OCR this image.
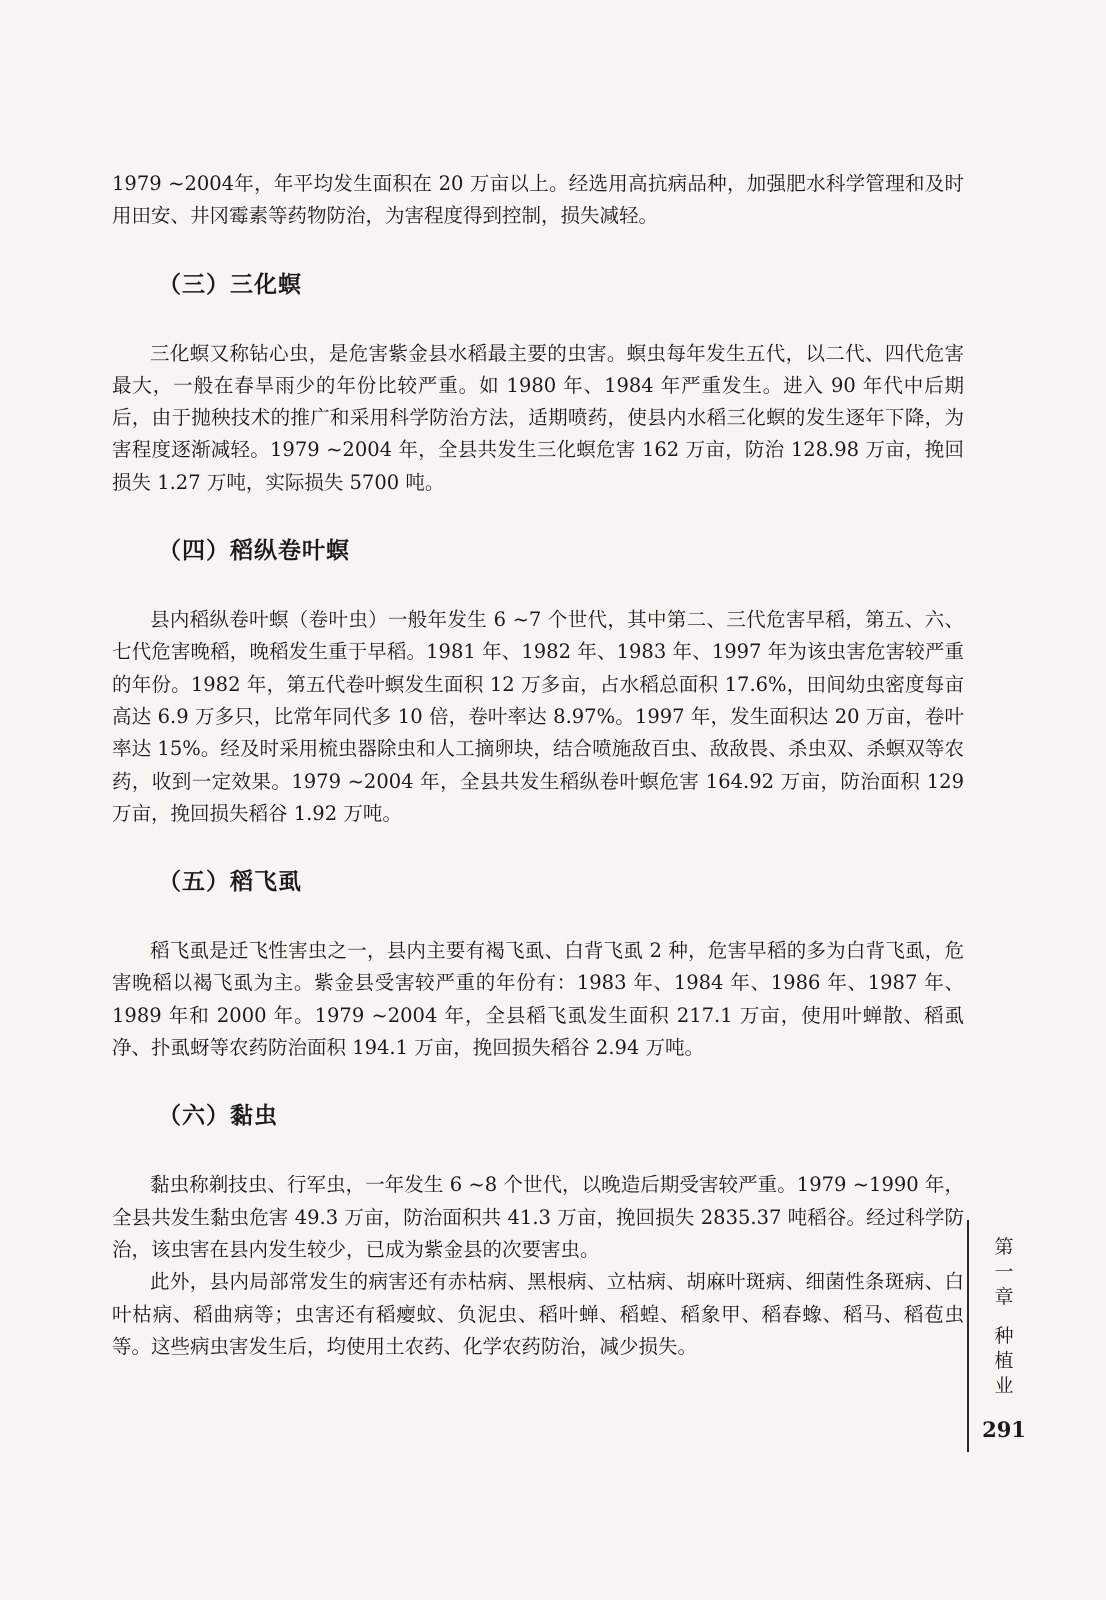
1979 ~2004年，年平均发生面积在 20 万亩以上。经选用高抗病品种，加强肥水科学管理和及时用田安、井冈霉素等药物防治，为害程度得到控制，损失减轻。

（三）三化螟

三化螟又称钻心虫，是危害紫金县水稻最主要的虫害。螟虫每年发生五代，以二代、四代危害最大，一般在春旱雨少的年份比较严重。如 1980 年、1984 年严重发生。进入 90 年代中后期后，由于抛秧技术的推广和采用科学防治方法，适期喷药，使县内水稻三化螟的发生逐年下降，为害程度逐渐减轻。1979 ~2004 年，全县共发生三化螟危害 162 万亩，防治 128.98 万亩，挽回损失 1.27 万吨，实际损失 5700 吨。

（四）稻纵卷叶螟

县内稻纵卷叶螟（卷叶虫）一般年发生 6 ~7 个世代，其中第二、三代危害早稻，第五、六、七代危害晚稻，晚稻发生重于早稻。1981 年、1982 年、1983 年、1997 年为该虫害危害较严重的年份。1982 年，第五代卷叶螟发生面积 12 万多亩，占水稻总面积 17.6%，田间幼虫密度每亩高达 6.9 万多只，比常年同代多 10 倍，卷叶率达 8.97%。1997 年，发生面积达 20 万亩，卷叶率达 15%。经及时采用梳虫器除虫和人工摘卵块，结合喷施敌百虫、敌敌畏、杀虫双、杀螟双等农药，收到一定效果。1979 ~2004 年，全县共发生稻纵卷叶螟危害 164.92 万亩，防治面积 129 万亩，挽回损失稻谷 1.92 万吨。

（五）稻飞虱

稻飞虱是迁飞性害虫之一，县内主要有褐飞虱、白背飞虱 2 种，危害早稻的多为白背飞虱，危害晚稻以褐飞虱为主。紫金县受害较严重的年份有：1983 年、1984 年、1986 年、1987 年、1989 年和 2000 年。1979 ~2004 年，全县稻飞虱发生面积 217.1 万亩，使用叶蝉散、稻虱净、扑虱蚜等农药防治面积 194.1 万亩，挽回损失稻谷 2.94 万吨。

（六）黏虫

黏虫称剃技虫、行军虫，一年发生 6 ~8 个世代，以晚造后期受害较严重。1979 ~1990 年，全县共发生黏虫危害 49.3 万亩，防治面积共 41.3 万亩，挽回损失 2835.37 吨稻谷。经过科学防治，该虫害在县内发生较少，已成为紫金县的次要害虫。

此外，县内局部常发生的病害还有赤枯病、黑根病、立枯病、胡麻叶斑病、细菌性条斑病、白叶枯病、稻曲病等；虫害还有稻瘿蚊、负泥虫、稻叶蝉、稻蝗、稻象甲、稻春蟓、稻马、稻苞虫等。这些病虫害发生后，均使用土农药、化学农药防治，减少损失。

第
一
章
种
植
业
291
